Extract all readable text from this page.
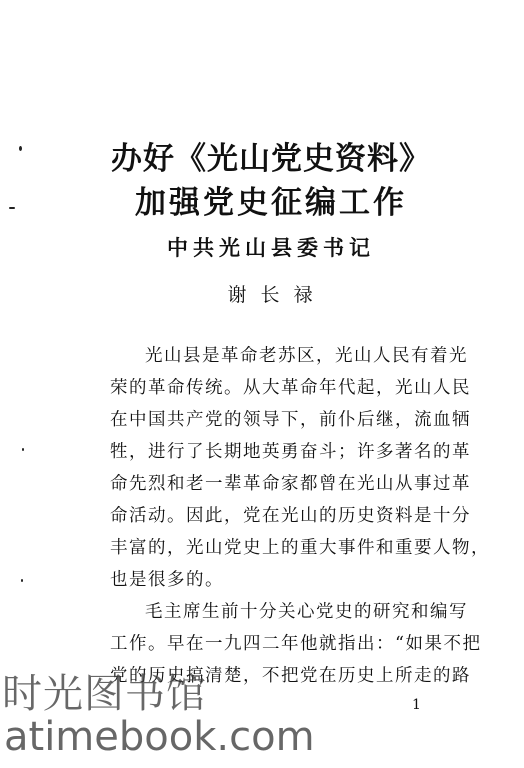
办好《光山党史资料》
加强党史征编工作
中共光山县委书记
谢长禄
光山县是革命老苏区，光山人民有着光
荣的革命传统。从大革命年代起，光山人民
在中国共产党的领导下，前仆后继，流血牺
牲，进行了长期地英勇奋斗；许多著名的革
命先烈和老一辈革命家都曾在光山从事过革
命活动。因此，党在光山的历史资料是十分
丰富的，光山党史上的重大事件和重要人物，
也是很多的。
毛主席生前十分关心党史的研究和编写
工作。早在一九四二年他就指出：“如果不把
党的历史搞清楚，不把党在历史上所走的路
1
时光图书馆
atimebook.com
